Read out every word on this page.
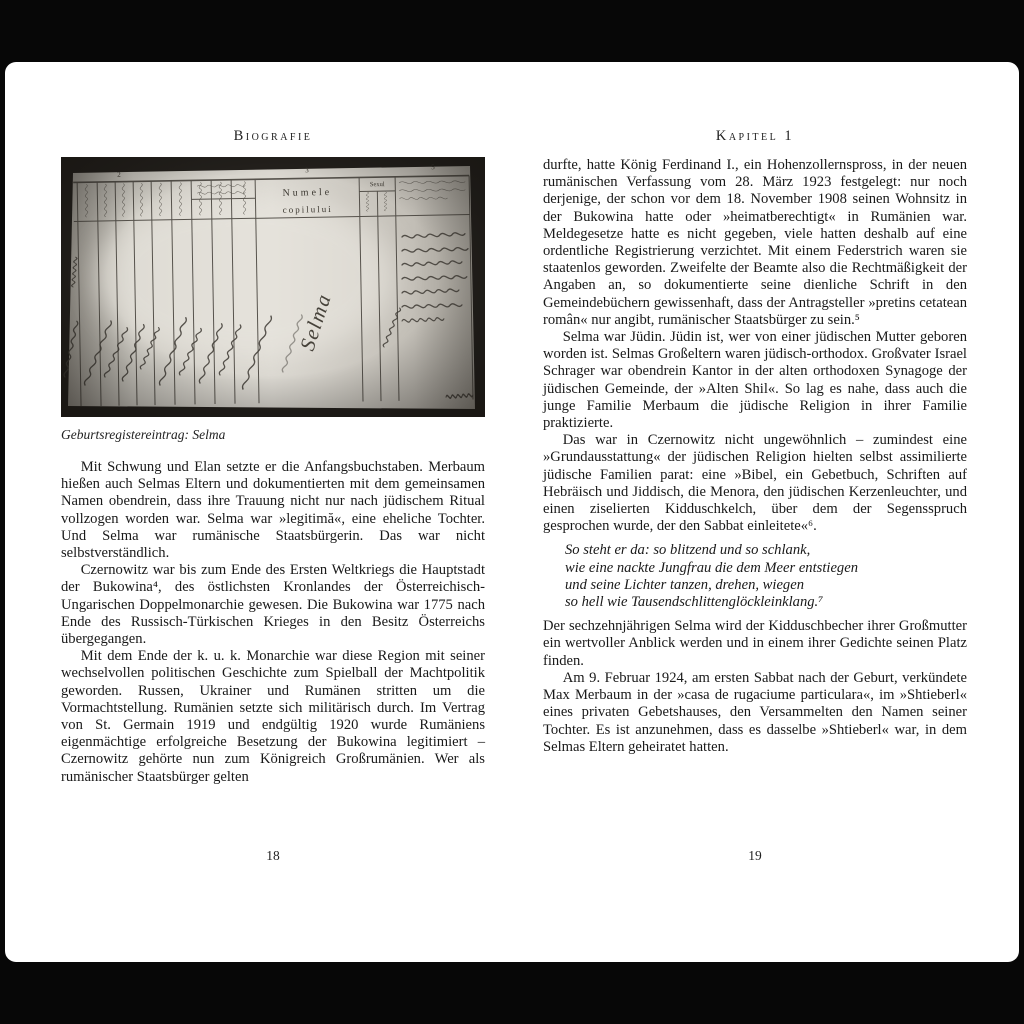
Biografie
Geburtsregistereintrag: Selma

Mit Schwung und Elan setzte er die Anfangsbuchstaben. Merbaum hießen auch Selmas Eltern und dokumentierten mit dem gemeinsamen Namen obendrein, dass ihre Trauung nicht nur nach jüdischem Ritual vollzogen worden war. Selma war »legitimă«, eine eheliche Tochter. Und Selma war rumänische Staatsbürgerin. Das war nicht selbstverständlich.

Czernowitz war bis zum Ende des Ersten Weltkriegs die Hauptstadt der Bukowina⁴, des östlichsten Kronlandes der Österreichisch-Ungarischen Doppelmonarchie gewesen. Die Bukowina war 1775 nach Ende des Russisch-Türkischen Krieges in den Besitz Österreichs übergegangen.

Mit dem Ende der k. u. k. Monarchie war diese Region mit seiner wechselvollen politischen Geschichte zum Spielball der Machtpolitik geworden. Russen, Ukrainer und Rumänen stritten um die Vormachtstellung. Rumänien setzte sich militärisch durch. Im Vertrag von St. Germain 1919 und endgültig 1920 wurde Rumäniens eigenmächtige erfolgreiche Besetzung der Bukowina legitimiert – Czernowitz gehörte nun zum Königreich Großrumänien. Wer als rumänischer Staatsbürger gelten

Kapitel 1

durfte, hatte König Ferdinand I., ein Hohenzollernspross, in der neuen rumänischen Verfassung vom 28. März 1923 festgelegt: nur noch derjenige, der schon vor dem 18. November 1908 seinen Wohnsitz in der Bukowina hatte oder »heimatberechtigt« in Rumänien war. Meldegesetze hatte es nicht gegeben, viele hatten deshalb auf eine ordentliche Registrierung verzichtet. Mit einem Federstrich waren sie staatenlos geworden. Zweifelte der Beamte also die Rechtmäßigkeit der Angaben an, so dokumentierte seine dienliche Schrift in den Gemeindebüchern gewissenhaft, dass der Antragsteller »pretins cetatean român« nur angibt, rumänischer Staatsbürger zu sein.⁵

Selma war Jüdin. Jüdin ist, wer von einer jüdischen Mutter geboren worden ist. Selmas Großeltern waren jüdisch-orthodox. Großvater Israel Schrager war obendrein Kantor in der alten orthodoxen Synagoge der jüdischen Gemeinde, der »Alten Shil«. So lag es nahe, dass auch die junge Familie Merbaum die jüdische Religion in ihrer Familie praktizierte.

Das war in Czernowitz nicht ungewöhnlich – zumindest eine »Grundausstattung« der jüdischen Religion hielten selbst assimilierte jüdische Familien parat: eine »Bibel, ein Gebetbuch, Schriften auf Hebräisch und Jiddisch, die Menora, den jüdischen Kerzenleuchter, und einen ziselierten Kidduschkelch, über dem der Segensspruch gesprochen wurde, der den Sabbat einleitete«⁶.

So steht er da: so blitzend und so schlank,
wie eine nackte Jungfrau die dem Meer entstiegen
und seine Lichter tanzen, drehen, wiegen
so hell wie Tausendschlittenglöckleinklang.⁷

Der sechzehnjährigen Selma wird der Kidduschbecher ihrer Großmutter ein wertvoller Anblick werden und in einem ihrer Gedichte seinen Platz finden.

Am 9. Februar 1924, am ersten Sabbat nach der Geburt, verkündete Max Merbaum in der »casa de rugaciume particulara«, im »Shtieberl« eines privaten Gebetshauses, den Versammelten den Namen seiner Tochter. Es ist anzunehmen, dass es dasselbe »Shtieberl« war, in dem Selmas Eltern geheiratet hatten.

18	19
